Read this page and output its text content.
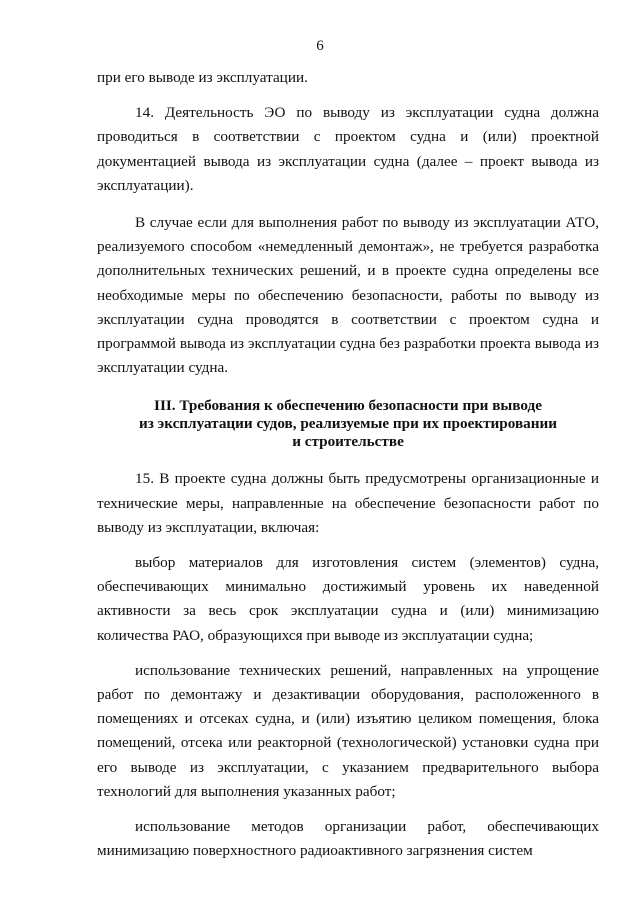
6

при его выводе из эксплуатации.

14. Деятельность ЭО по выводу из эксплуатации судна должна проводиться в соответствии с проектом судна и (или) проектной документацией вывода из эксплуатации судна (далее – проект вывода из эксплуатации).

В случае если для выполнения работ по выводу из эксплуатации АТО, реализуемого способом «немедленный демонтаж», не требуется разработка дополнительных технических решений, и в проекте судна определены все необходимые меры по обеспечению безопасности, работы по выводу из эксплуатации судна проводятся в соответствии с проектом судна и программой вывода из эксплуатации судна без разработки проекта вывода из эксплуатации судна.

III. Требования к обеспечению безопасности при выводе
из эксплуатации судов, реализуемые при их проектировании
и строительстве

15. В проекте судна должны быть предусмотрены организационные и технические меры, направленные на обеспечение безопасности работ по выводу из эксплуатации, включая:

выбор материалов для изготовления систем (элементов) судна, обеспечивающих минимально достижимый уровень их наведенной активности за весь срок эксплуатации судна и (или) минимизацию количества РАО, образующихся при выводе из эксплуатации судна;

использование технических решений, направленных на упрощение работ по демонтажу и дезактивации оборудования, расположенного в помещениях и отсеках судна, и (или) изъятию целиком помещения, блока помещений, отсека или реакторной (технологической) установки судна при его выводе из эксплуатации, с указанием предварительного выбора технологий для выполнения указанных работ;

использование методов организации работ, обеспечивающих минимизацию поверхностного радиоактивного загрязнения систем
